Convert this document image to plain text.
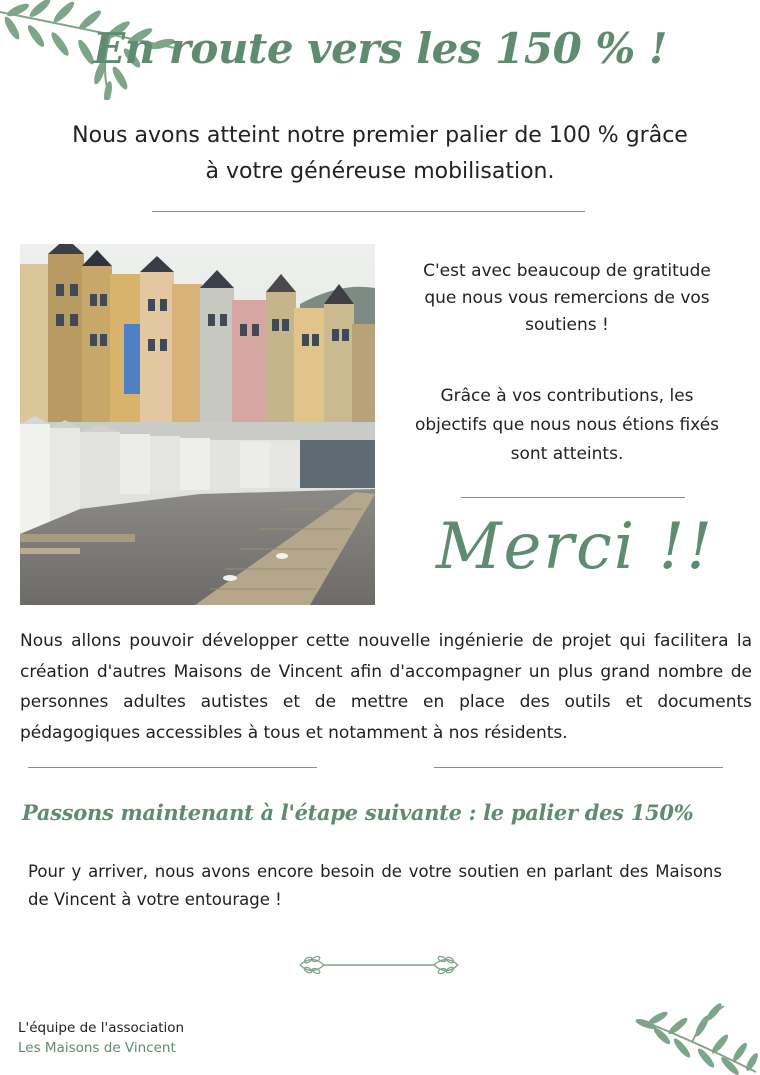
En route vers les 150 % !
Nous avons atteint notre premier palier de 100 % grâce
à votre généreuse mobilisation.
C'est avec beaucoup de gratitude
que nous vous remercions de vos
soutiens !
Grâce à vos contributions, les
objectifs que nous nous étions fixés
sont atteints.
Merci !!
Nous allons pouvoir développer cette nouvelle ingénierie de projet qui facilitera la création d'autres Maisons de Vincent afin d'accompagner un plus grand nombre de personnes adultes autistes et de mettre en place des outils et documents pédagogiques accessibles à tous et notamment à nos résidents.
Passons maintenant à l'étape suivante : le palier des 150%
Pour y arriver, nous avons encore besoin de votre soutien en parlant des Maisons de Vincent à votre entourage !
L'équipe de l'association
Les Maisons de Vincent
